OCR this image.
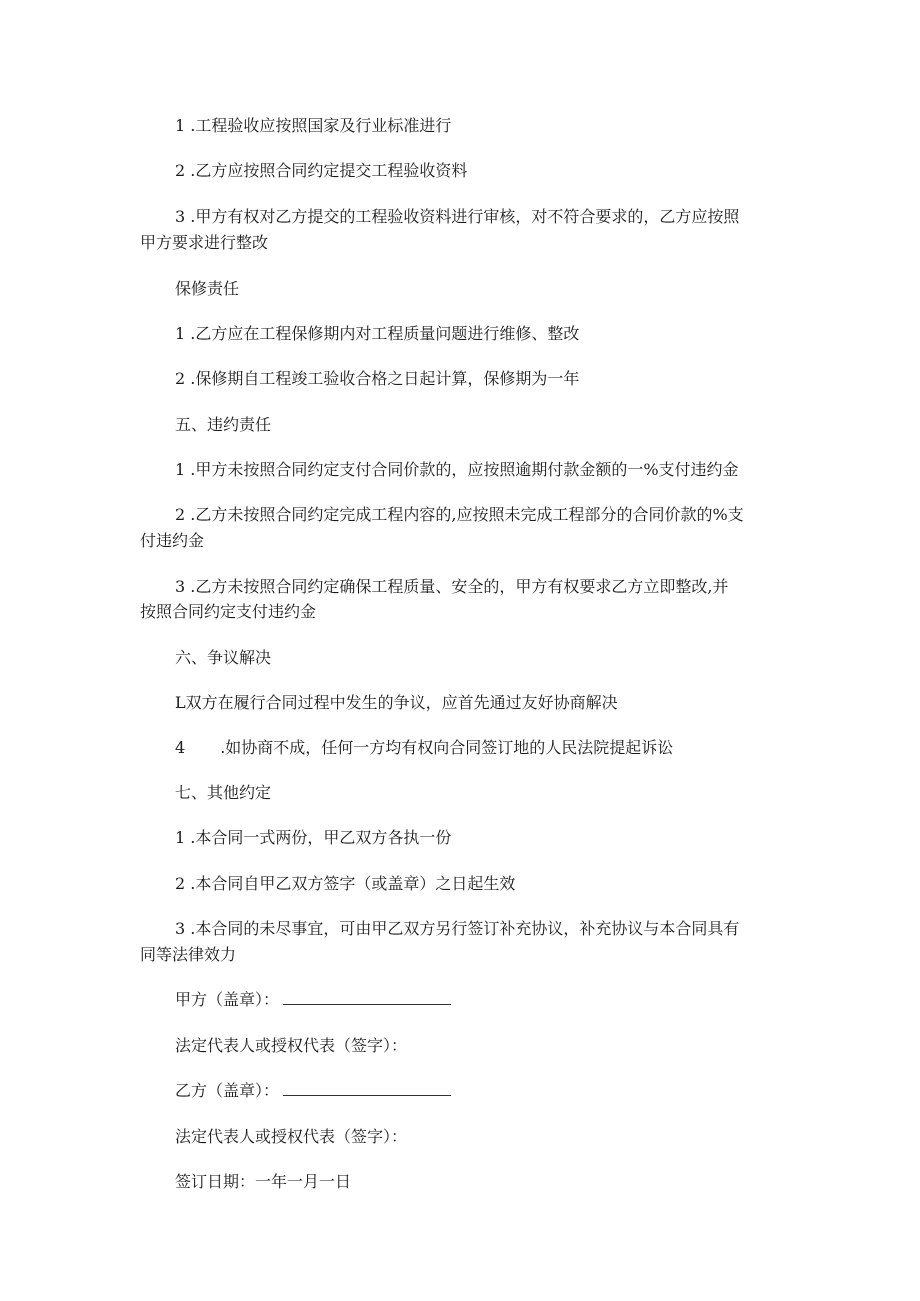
1 .工程验收应按照国家及行业标准进行

2 .乙方应按照合同约定提交工程验收资料

3 .甲方有权对乙方提交的工程验收资料进行审核，对不符合要求的，乙方应按照

甲方要求进行整改

保修责任

1 .乙方应在工程保修期内对工程质量问题进行维修、整改

2 .保修期自工程竣工验收合格之日起计算，保修期为一年

五、违约责任

1 .甲方未按照合同约定支付合同价款的，应按照逾期付款金额的一%支付违约金

2 .乙方未按照合同约定完成工程内容的,应按照未完成工程部分的合同价款的%支

付违约金

3 .乙方未按照合同约定确保工程质量、安全的，甲方有权要求乙方立即整改,并

按照合同约定支付违约金

六、争议解决

L双方在履行合同过程中发生的争议，应首先通过友好协商解决

4 .如协商不成，任何一方均有权向合同签订地的人民法院提起诉讼

七、其他约定

1 .本合同一式两份，甲乙双方各执一份

2 .本合同自甲乙双方签字（或盖章）之日起生效

3 .本合同的未尽事宜，可由甲乙双方另行签订补充协议，补充协议与本合同具有

同等法律效力

甲方（盖章）：

法定代表人或授权代表（签字）：

乙方（盖章）：

法定代表人或授权代表（签字）：

签订日期：一年一月一日
